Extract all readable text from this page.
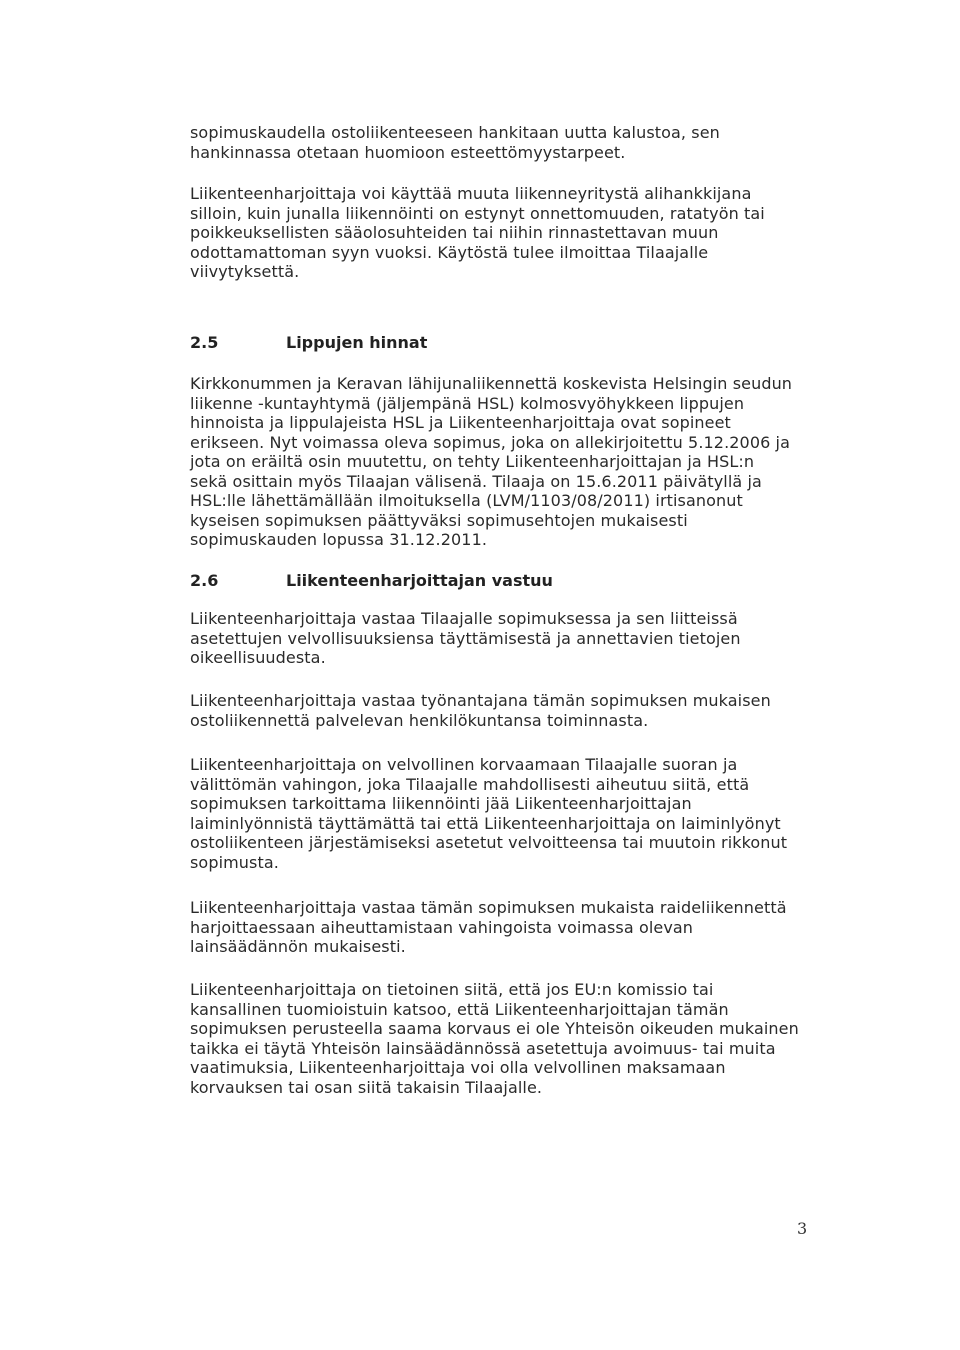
sopimuskaudella ostoliikenteeseen hankitaan uutta kalustoa, sen
hankinnassa otetaan huomioon esteettömyystarpeet.

Liikenteenharjoittaja voi käyttää muuta liikenneyritystä alihankkijana
silloin, kuin junalla liikennöinti on estynyt onnettomuuden, ratatyön tai
poikkeuksellisten sääolosuhteiden tai niihin rinnastettavan muun
odottamattoman syyn vuoksi. Käytöstä tulee ilmoittaa Tilaajalle
viivytyksettä.

2.5	Lippujen hinnat

Kirkkonummen ja Keravan lähijunaliikennettä koskevista Helsingin seudun
liikenne -kuntayhtymä (jäljempänä HSL) kolmosvyöhykkeen lippujen
hinnoista ja lippulajeista HSL ja Liikenteenharjoittaja ovat sopineet
erikseen. Nyt voimassa oleva sopimus, joka on allekirjoitettu 5.12.2006 ja
jota on eräiltä osin muutettu, on tehty Liikenteenharjoittajan ja HSL:n
sekä osittain myös Tilaajan välisenä. Tilaaja on 15.6.2011 päivätyllä ja
HSL:lle lähettämällään ilmoituksella (LVM/1103/08/2011) irtisanonut
kyseisen sopimuksen päättyväksi sopimusehtojen mukaisesti
sopimuskauden lopussa 31.12.2011.

2.6	Liikenteenharjoittajan vastuu

Liikenteenharjoittaja vastaa Tilaajalle sopimuksessa ja sen liitteissä
asetettujen velvollisuuksiensa täyttämisestä ja annettavien tietojen
oikeellisuudesta.

Liikenteenharjoittaja vastaa työnantajana tämän sopimuksen mukaisen
ostoliikennettä palvelevan henkilökuntansa toiminnasta.

Liikenteenharjoittaja on velvollinen korvaamaan Tilaajalle suoran ja
välittömän vahingon, joka Tilaajalle mahdollisesti aiheutuu siitä, että
sopimuksen tarkoittama liikennöinti jää Liikenteenharjoittajan
laiminlyönnistä täyttämättä tai että Liikenteenharjoittaja on laiminlyönyt
ostoliikenteen järjestämiseksi asetetut velvoitteensa tai muutoin rikkonut
sopimusta.

Liikenteenharjoittaja vastaa tämän sopimuksen mukaista raideliikennettä
harjoittaessaan aiheuttamistaan vahingoista voimassa olevan
lainsäädännön mukaisesti.

Liikenteenharjoittaja on tietoinen siitä, että jos EU:n komissio tai
kansallinen tuomioistuin katsoo, että Liikenteenharjoittajan tämän
sopimuksen perusteella saama korvaus ei ole Yhteisön oikeuden mukainen
taikka ei täytä Yhteisön lainsäädännössä asetettuja avoimuus- tai muita
vaatimuksia, Liikenteenharjoittaja voi olla velvollinen maksamaan
korvauksen tai osan siitä takaisin Tilaajalle.

3
